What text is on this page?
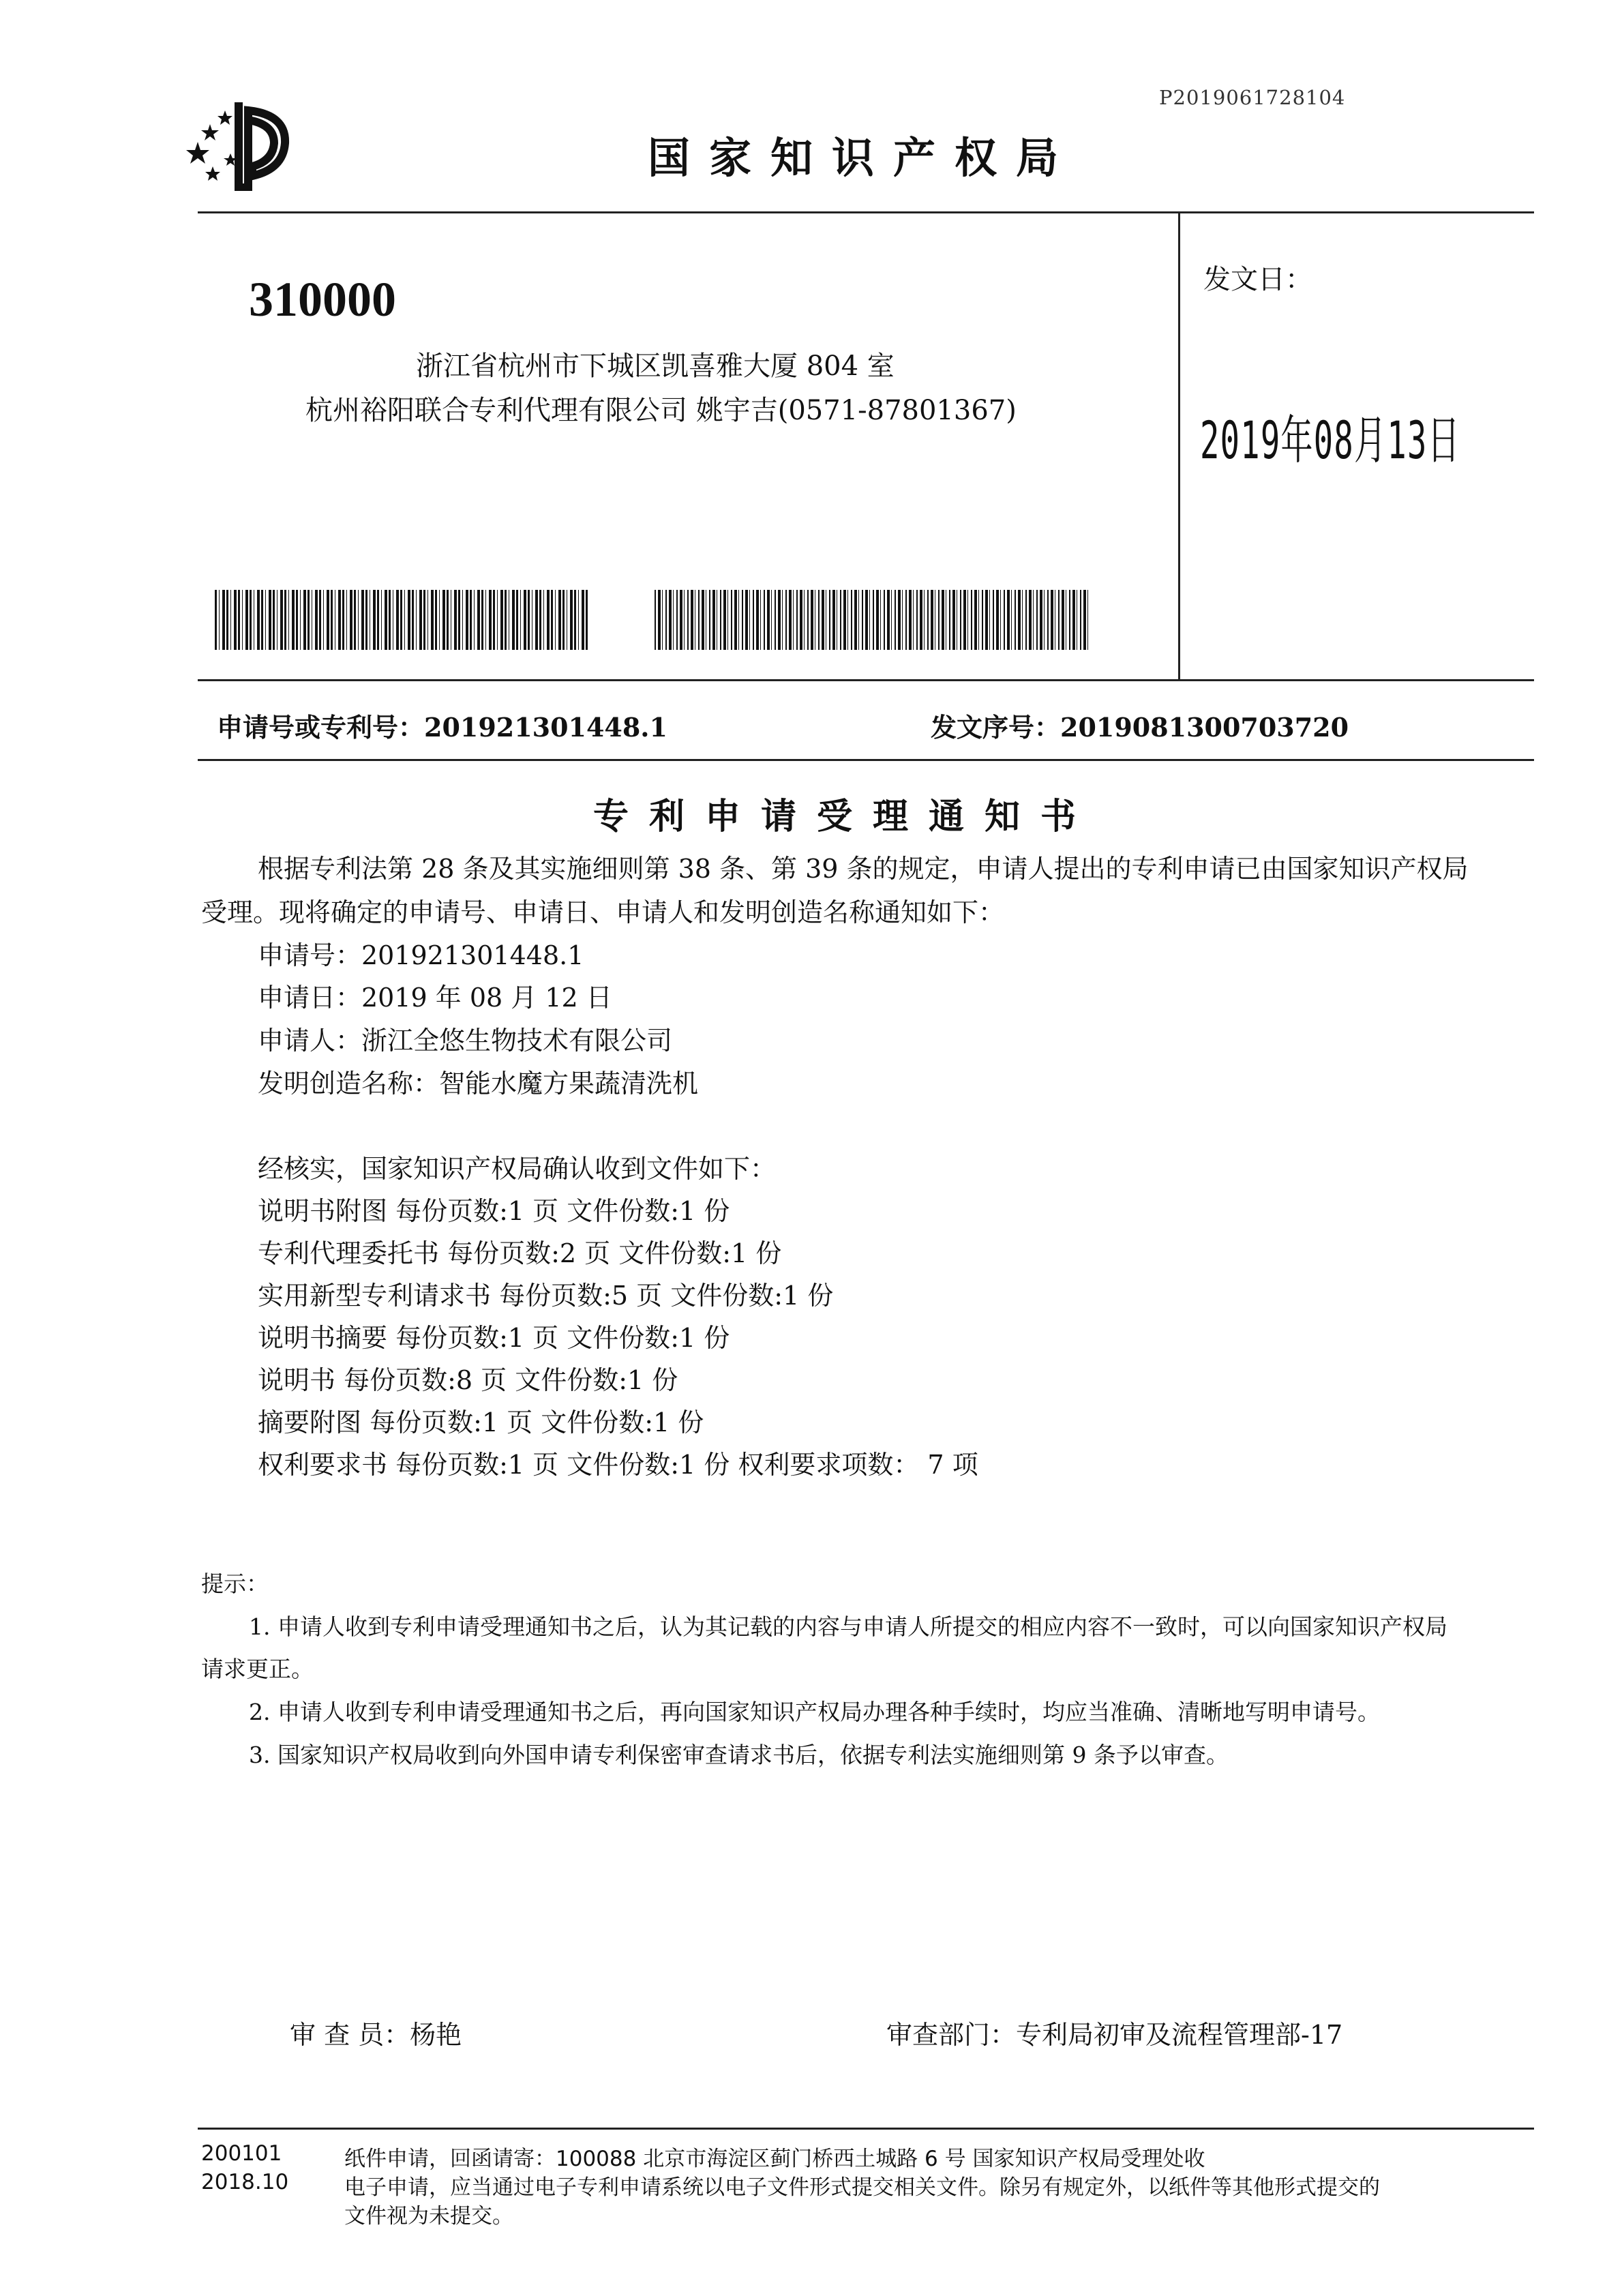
P2019061728104
国家知识产权局
310000
浙江省杭州市下城区凯喜雅大厦 804 室
杭州裕阳联合专利代理有限公司 姚宇吉(0571-87801367)
发文日：
2019年08月13日
申请号或专利号：201921301448.1	发文序号：2019081300703720
专利申请受理通知书
根据专利法第 28 条及其实施细则第 38 条、第 39 条的规定，申请人提出的专利申请已由国家知识产权局
受理。现将确定的申请号、申请日、申请人和发明创造名称通知如下：
申请号：201921301448.1
申请日：2019 年 08 月 12 日
申请人：浙江全悠生物技术有限公司
发明创造名称：智能水魔方果蔬清洗机
经核实，国家知识产权局确认收到文件如下：
说明书附图 每份页数:1 页 文件份数:1 份
专利代理委托书 每份页数:2 页 文件份数:1 份
实用新型专利请求书 每份页数:5 页 文件份数:1 份
说明书摘要 每份页数:1 页 文件份数:1 份
说明书 每份页数:8 页 文件份数:1 份
摘要附图 每份页数:1 页 文件份数:1 份
权利要求书 每份页数:1 页 文件份数:1 份 权利要求项数： 7 项
提示：
1. 申请人收到专利申请受理通知书之后，认为其记载的内容与申请人所提交的相应内容不一致时，可以向国家知识产权局
请求更正。
2. 申请人收到专利申请受理通知书之后，再向国家知识产权局办理各种手续时，均应当准确、清晰地写明申请号。
3. 国家知识产权局收到向外国申请专利保密审查请求书后，依据专利法实施细则第 9 条予以审查。
审 查 员：杨艳	审查部门：专利局初审及流程管理部-17
200101
2018.10
纸件申请，回函请寄：100088 北京市海淀区蓟门桥西土城路 6 号 国家知识产权局受理处收
电子申请，应当通过电子专利申请系统以电子文件形式提交相关文件。除另有规定外，以纸件等其他形式提交的
文件视为未提交。
